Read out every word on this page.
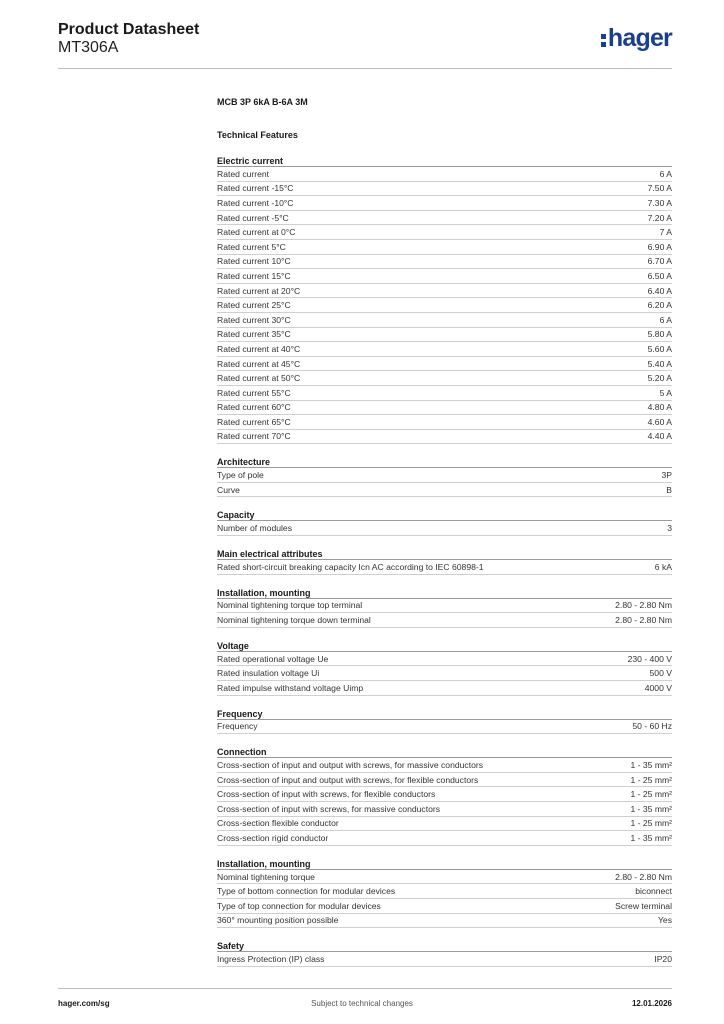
Product Datasheet
MT306A	hager
MCB 3P 6kA B-6A 3M
Technical Features
Electric current
Rated current	6 A
Rated current -15°C	7.50 A
Rated current -10°C	7.30 A
Rated current -5°C	7.20 A
Rated current at 0°C	7 A
Rated current 5°C	6.90 A
Rated current 10°C	6.70 A
Rated current 15°C	6.50 A
Rated current at 20°C	6.40 A
Rated current 25°C	6.20 A
Rated current 30°C	6 A
Rated current 35°C	5.80 A
Rated current at 40°C	5.60 A
Rated current at 45°C	5.40 A
Rated current at 50°C	5.20 A
Rated current 55°C	5 A
Rated current 60°C	4.80 A
Rated current 65°C	4.60 A
Rated current 70°C	4.40 A
Architecture
Type of pole	3P
Curve	B
Capacity
Number of modules	3
Main electrical attributes
Rated short-circuit breaking capacity Icn AC according to IEC 60898-1	6 kA
Installation, mounting
Nominal tightening torque top terminal	2.80 - 2.80 Nm
Nominal tightening torque down terminal	2.80 - 2.80 Nm
Voltage
Rated operational voltage Ue	230 - 400 V
Rated insulation voltage Ui	500 V
Rated impulse withstand voltage Uimp	4000 V
Frequency
Frequency	50 - 60 Hz
Connection
Cross-section of input and output with screws, for massive conductors	1 - 35 mm²
Cross-section of input and output with screws, for flexible conductors	1 - 25 mm²
Cross-section of input with screws, for flexible conductors	1 - 25 mm²
Cross-section of input with screws, for massive conductors	1 - 35 mm²
Cross-section flexible conductor	1 - 25 mm²
Cross-section rigid conductor	1 - 35 mm²
Installation, mounting
Nominal tightening torque	2.80 - 2.80 Nm
Type of bottom connection for modular devices	biconnect
Type of top connection for modular devices	Screw terminal
360° mounting position possible	Yes
Safety
Ingress Protection (IP) class	IP20
hager.com/sg	Subject to technical changes	12.01.2026
